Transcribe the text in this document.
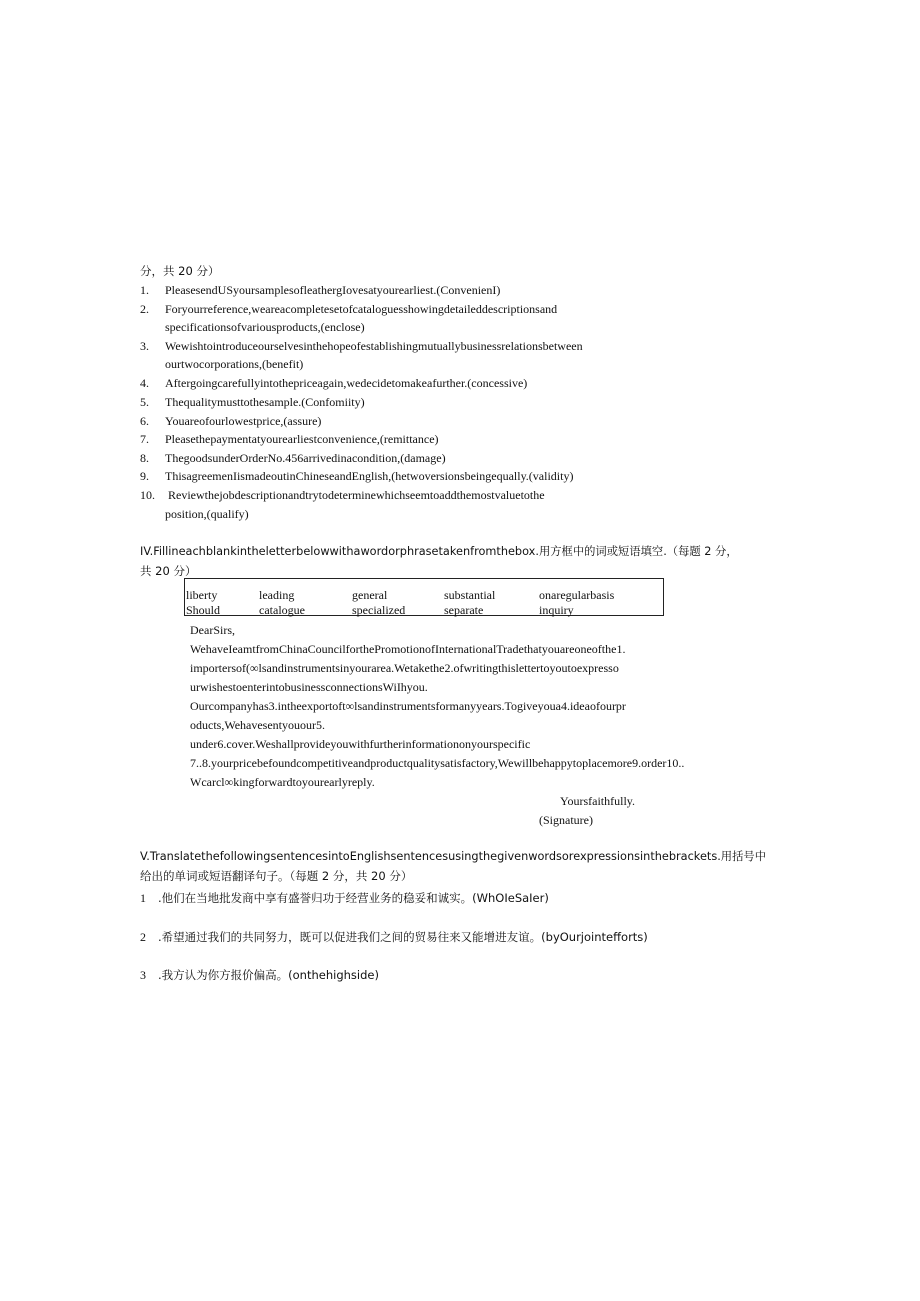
分，共 20 分）
1. PleasesendUSyoursamplesofleathergIovesatyourearliest.(ConvenienI)
2. Foryourreference,weareacompletesetofcataloguesshowingdetaileddescriptionsand
specificationsofvariousproducts,(enclose)
3. Wewishtointroduceourselvesinthehopeofestablishingmutuallybusinessrelationsbetween
ourtwocorporations,(benefit)
4. Aftergoingcarefullyintothepriceagain,wedecidetomakeafurther.(concessive)
5. Thequalitymusttothesample.(Confomiity)
6. Youareofourlowestprice,(assure)
7. Pleasethepaymentatyourearliestconvenience,(remittance)
8. ThegoodsunderOrderNo.456arrivedinacondition,(damage)
9. ThisagreemenIismadeoutinChineseandEnglish,(hetwoversionsbeingequally.(validity)
10. Reviewthejobdescriptionandtrytodeterminewhichseemtoaddthemostvaluetothe
position,(qualify)
IV.Fillineachblankintheletterbelowwithawordorphrasetakenfromthebox.用方框中的词或短语填空.（每题 2 分，
共 20 分）
liberty	leading	general	substantial	onaregularbasis
Should	catalogue	specialized	separate	inquiry
DearSirs,
WehaveIeamtfromChinaCouncilforthePromotionofInternationalTradethatyouareoneofthe1.
importersof(∞lsandinstrumentsinyourarea.Wetakethe2.ofwritingthislettertoyoutoexpresso
urwishestoenterintobusinessconnectionsWiIhyou.
Ourcompanyhas3.intheexportoft∞lsandinstrumentsformanyyears.Togiveyoua4.ideaofourpr
oducts,Wehavesentyouour5.
under6.cover.Weshallprovideyouwithfurtherinformationonyourspecific
7..8.yourpricebefoundcompetitiveandproductqualitysatisfactory,Wewillbehappytoplacemore9.order10..
Wcarcl∞kingforwardtoyourearlyreply.
Yoursfaithfully.
(Signature)
V.TranslatethefollowingsentencesintoEnglishsentencesusingthegivenwordsorexpressionsinthebrackets.用括号中
给出的单词或短语翻译句子。（每题 2 分，共 20 分）
1 .他们在当地批发商中享有盛誉归功于经营业务的稳妥和诚实。(WhOIeSaIer)
2 .希望通过我们的共同努力，既可以促进我们之间的贸易往来又能增进友谊。(byOurjointefforts)
3 .我方认为你方报价偏高。(onthehighside)
